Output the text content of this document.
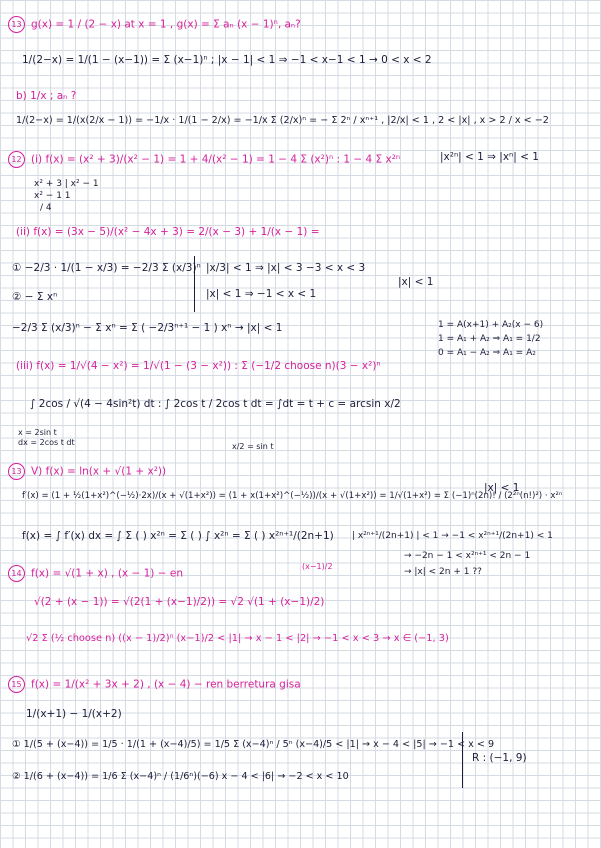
13 g(x) = 1 / (2 − x) at x = 1 , g(x) = Σ aₙ (x − 1)ⁿ, aₙ?
1/(2−x) = 1/(1 − (x−1)) = Σ (x−1)ⁿ ; |x − 1| < 1 ⇒ −1 < x−1 < 1 → 0 < x < 2
b) 1/x ; aₙ ?
1/(2−x) = 1/(x(2/x − 1)) = −1/x · 1/(1 − 2/x) = −1/x Σ (2/x)ⁿ = − Σ 2ⁿ / xⁿ⁺¹ , |2/x| < 1 , 2 < |x| , x > 2 / x < −2
12 (i) f(x) = (x² + 3)/(x² − 1) = 1 + 4/(x² − 1) = 1 − 4 Σ (x²)ⁿ : 1 − 4 Σ x²ⁿ	|x²ⁿ| < 1 ⇒ |xⁿ| < 1
x² + 3 | x² − 1
x² − 1 1
/ 4
(ii) f(x) = (3x − 5)/(x² − 4x + 3) = 2/(x − 3) + 1/(x − 1) =
① −2/3 · 1/(1 − x/3) = −2/3 Σ (x/3)ⁿ
② − Σ xⁿ
|x/3| < 1 ⇒ |x| < 3 −3 < x < 3
|x| < 1 ⇒ −1 < x < 1
|x| < 1
−2/3 Σ (x/3)ⁿ − Σ xⁿ = Σ ( −2/3ⁿ⁺¹ − 1 ) xⁿ → |x| < 1	1 = A(x+1) + A₂(x − 6)
1 = A₁ + A₂ ⇒ A₁ = 1/2
0 = A₁ − A₂ ⇒ A₁ = A₂
(iii) f(x) = 1/√(4 − x²) = 1/√(1 − (3 − x²)) : Σ (−1/2 choose n)(3 − x²)ⁿ
∫ 2cos / √(4 − 4sin²t) dt : ∫ 2cos t / 2cos t dt = ∫dt = t + c = arcsin x/2
x = 2sin t
dx = 2cos t dt	x/2 = sin t
13 V) f(x) = ln(x + √(1 + x²))
f′(x) = (1 + ½(1+x²)^(−½)·2x)/(x + √(1+x²)) = (1 + x(1+x²)^(−½))/(x + √(1+x²)) = 1/√(1+x²) = Σ (−1)ⁿ(2n)! / (2²ⁿ(n!)²) · x²ⁿ
|x| < 1
f(x) = ∫ f′(x) dx = ∫ Σ ( ) x²ⁿ = Σ ( ) ∫ x²ⁿ = Σ ( ) x²ⁿ⁺¹/(2n+1) | x²ⁿ⁺¹/(2n+1) | < 1 → −1 < x²ⁿ⁺¹/(2n+1) < 1
→ −2n − 1 < x²ⁿ⁺¹ < 2n − 1
→ |x| < 2n + 1 ??
14 f(x) = √(1 + x) , (x − 1) − en
(x−1)/2
√(2 + (x − 1)) = √(2(1 + (x−1)/2)) = √2 √(1 + (x−1)/2)
√2 Σ (½ choose n) ((x − 1)/2)ⁿ (x−1)/2 < |1| → x − 1 < |2| → −1 < x < 3 → x ∈ (−1, 3)
15 f(x) = 1/(x² + 3x + 2) , (x − 4) − ren berretura gisa
1/(x+1) − 1/(x+2)
① 1/(5 + (x−4)) = 1/5 · 1/(1 + (x−4)/5) = 1/5 Σ (x−4)ⁿ / 5ⁿ (x−4)/5 < |1| → x − 4 < |5| → −1 < x < 9
② 1/(6 + (x−4)) = 1/6 Σ (x−4)ⁿ / (1/6ⁿ)(−6) x − 4 < |6| → −2 < x < 10
R : (−1, 9)
